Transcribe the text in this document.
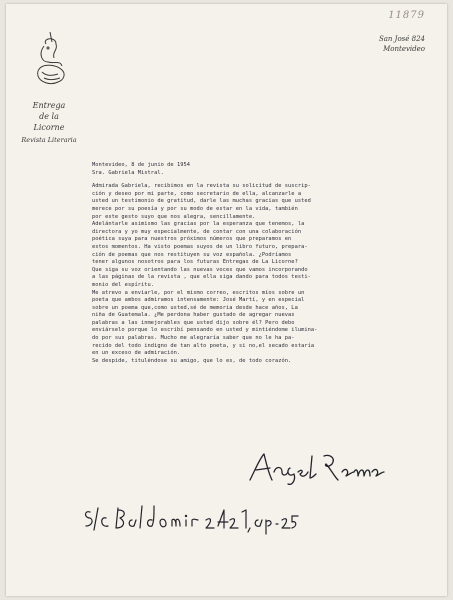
11879
Entrega
de la
Licorne
Revista Literaria
San José 824
Montevideo
Montevideo, 8 de junio de 1954
Sra. Gabriela Mistral.
Admirada Gabriela, recibimos en la revista su solicitud de suscrip-
ción y deseo por mi parte, como secretario de ella, alcanzarle a
usted un testimonio de gratitud, darle las muchas gracias que usted
merece por su poesía y por su modo de estar en la vida, también
por este gesto suyo que nos alegra, sencillamente.
Adelántarle asimismo las gracias por la esperanza que tenemos, la
directora y yo muy especialmente, de contar con una colaboración
poética suya para nuestros próximos números que preparamos en
estos momentos. Ha visto poemas suyos de un libro futuro, prepara-
ción de poemas que nos restituyen su voz española. ¿Podríamos
tener algunos nosotros para los futuras Entregas de La Licorne?
Que siga su voz orientando las nuevas voces que vamos incorporando
a las páginas de la revista , que ella siga dando para todos testi-
monio del espíritu.
Me atrevo a enviarle, por el mismo correo, escritos míos sobre un
poeta que ambos admiramos intensamente: José Martí, y en especial
sobre un poema que,como usted,sé de memoria desde hace años, La
niña de Guatemala. ¿Me perdona haber gustado de agregar nuevas
palabras a las inmejorables que usted dijo sobre él? Pero debo
enviárselo porque lo escribí pensando en usted y mintiéndome ilumina-
do por sus palabras. Mucho me alegraría saber que no le ha pa-
recido del todo indigno de tan alto poeta, y si no,el secado estaría
en un exceso de admiración.
Se despide, tituléndose su amigo, que lo es, de todo corazón.
